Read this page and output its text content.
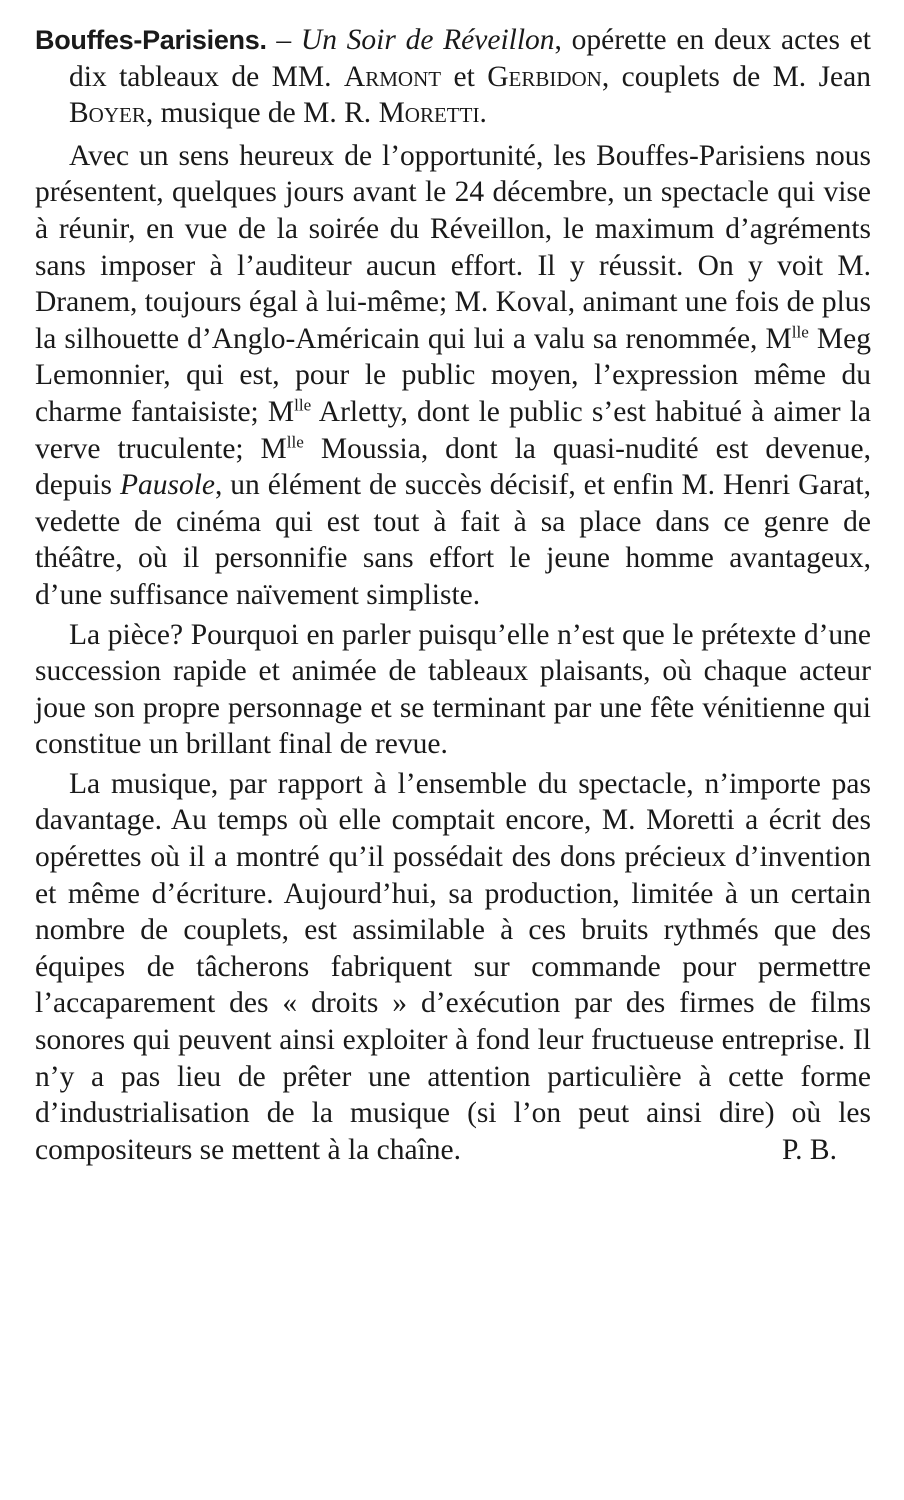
Bouffes-Parisiens. – Un Soir de Réveillon, opérette en deux actes et dix tableaux de MM. Armont et Gerbidon, couplets de M. Jean Boyer, musique de M. R. Moretti.

Avec un sens heureux de l’opportunité, les Bouffes-Parisiens nous présentent, quelques jours avant le 24 décembre, un spectacle qui vise à réunir, en vue de la soirée du Réveillon, le maximum d’agréments sans imposer à l’auditeur aucun effort. Il y réussit. On y voit M. Dranem, toujours égal à lui-même; M. Koval, animant une fois de plus la silhouette d’Anglo-Américain qui lui a valu sa renommée, $M^{lle}$ Meg Lemonnier, qui est, pour le public moyen, l’expression même du charme fantaisiste; $M^{lle}$ Arletty, dont le public s’est habitué à aimer la verve truculente; $M^{lle}$ Moussia, dont la quasi-nudité est devenue, depuis Pausole, un élément de succès décisif, et enfin M. Henri Garat, vedette de cinéma qui est tout à fait à sa place dans ce genre de théâtre, où il personnifie sans effort le jeune homme avantageux, d’une suffisance naïvement simpliste.

La pièce? Pourquoi en parler puisqu’elle n’est que le prétexte d’une succession rapide et animée de tableaux plaisants, où chaque acteur joue son propre personnage et se terminant par une fête vénitienne qui constitue un brillant final de revue.

La musique, par rapport à l’ensemble du spectacle, n’importe pas davantage. Au temps où elle comptait encore, M. Moretti a écrit des opérettes où il a montré qu’il possédait des dons précieux d’invention et même d’écriture. Aujourd’hui, sa production, limitée à un certain nombre de couplets, est assimilable à ces bruits rythmés que des équipes de tâcherons fabriquent sur commande pour permettre l’accaparement des « droits » d’exécution par des firmes de films sonores qui peuvent ainsi exploiter à fond leur fructueuse entreprise. Il n’y a pas lieu de prêter une attention particulière à cette forme d’industrialisation de la musique (si l’on peut ainsi dire) où les compositeurs se mettent à la chaîne.	P. B.
